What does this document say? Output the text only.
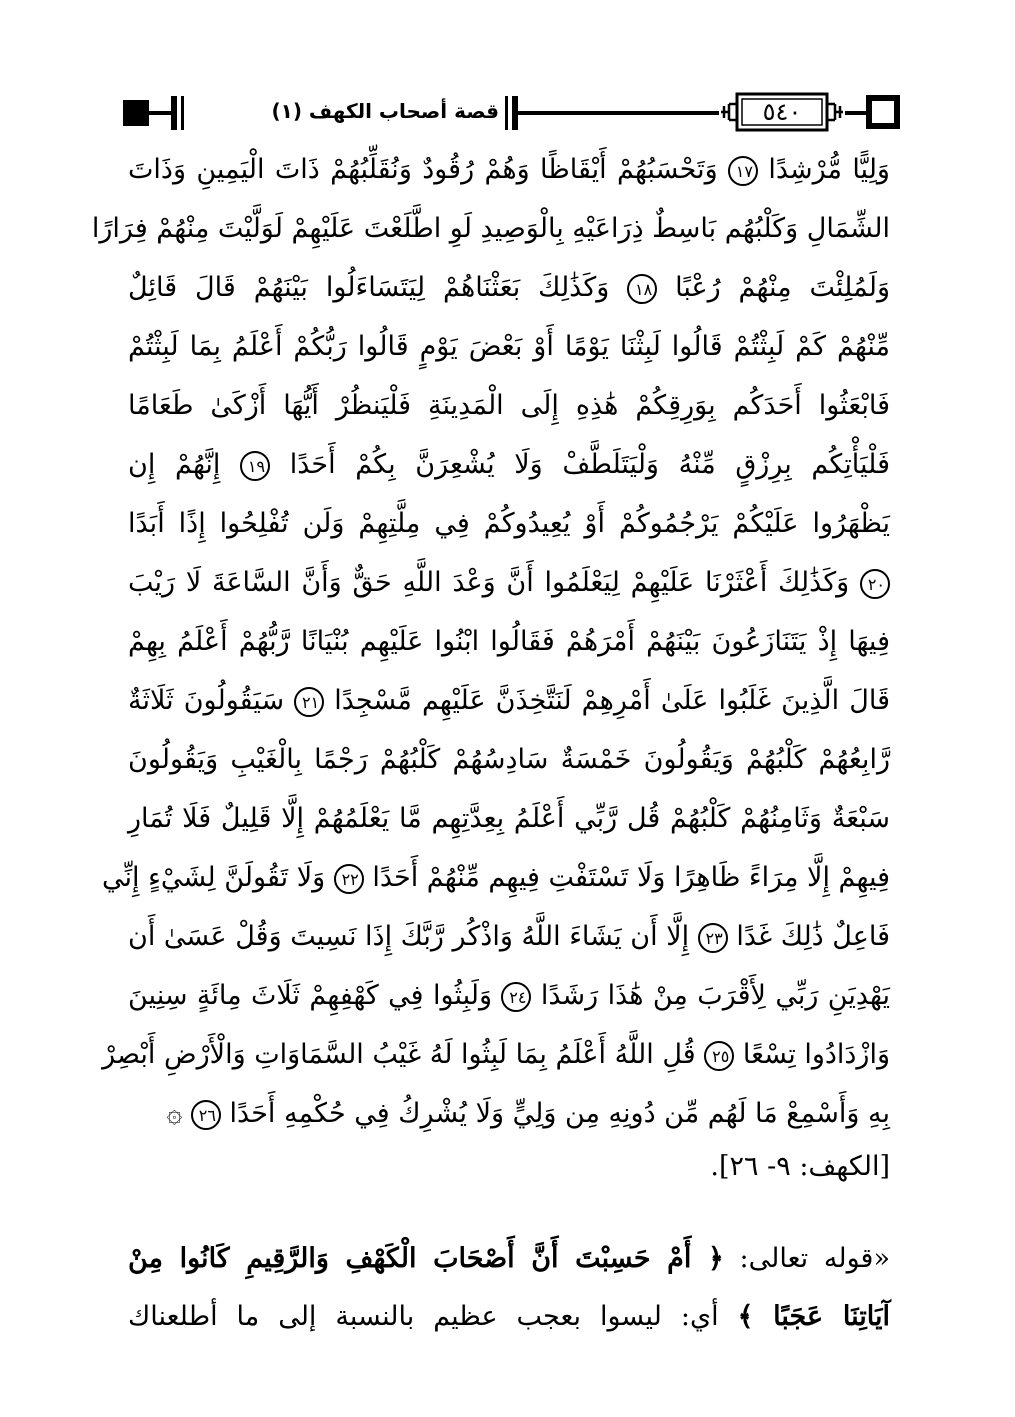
قصة أصحاب الكهف (١)	٥٤٠
وَلِيًّا مُّرْشِدًا ١٧ وَتَحْسَبُهُمْ أَيْقَاظًا وَهُمْ رُقُودٌ وَنُقَلِّبُهُمْ ذَاتَ الْيَمِينِ وَذَاتَ
الشِّمَالِ وَكَلْبُهُم بَاسِطٌ ذِرَاعَيْهِ بِالْوَصِيدِ لَوِ اطَّلَعْتَ عَلَيْهِمْ لَوَلَّيْتَ مِنْهُمْ فِرَارًا
وَلَمُلِئْتَ مِنْهُمْ رُعْبًا ١٨ وَكَذَٰلِكَ بَعَثْنَاهُمْ لِيَتَسَاءَلُوا بَيْنَهُمْ قَالَ قَائِلٌ
مِّنْهُمْ كَمْ لَبِثْتُمْ قَالُوا لَبِثْنَا يَوْمًا أَوْ بَعْضَ يَوْمٍ قَالُوا رَبُّكُمْ أَعْلَمُ بِمَا لَبِثْتُمْ
فَابْعَثُوا أَحَدَكُم بِوَرِقِكُمْ هَٰذِهِ إِلَى الْمَدِينَةِ فَلْيَنظُرْ أَيُّهَا أَزْكَىٰ طَعَامًا
فَلْيَأْتِكُم بِرِزْقٍ مِّنْهُ وَلْيَتَلَطَّفْ وَلَا يُشْعِرَنَّ بِكُمْ أَحَدًا ١٩ إِنَّهُمْ إِن
يَظْهَرُوا عَلَيْكُمْ يَرْجُمُوكُمْ أَوْ يُعِيدُوكُمْ فِي مِلَّتِهِمْ وَلَن تُفْلِحُوا إِذًا أَبَدًا
٢٠ وَكَذَٰلِكَ أَعْثَرْنَا عَلَيْهِمْ لِيَعْلَمُوا أَنَّ وَعْدَ اللَّهِ حَقٌّ وَأَنَّ السَّاعَةَ لَا رَيْبَ
فِيهَا إِذْ يَتَنَازَعُونَ بَيْنَهُمْ أَمْرَهُمْ فَقَالُوا ابْنُوا عَلَيْهِم بُنْيَانًا رَّبُّهُمْ أَعْلَمُ بِهِمْ
قَالَ الَّذِينَ غَلَبُوا عَلَىٰ أَمْرِهِمْ لَنَتَّخِذَنَّ عَلَيْهِم مَّسْجِدًا ٢١ سَيَقُولُونَ ثَلَاثَةٌ
رَّابِعُهُمْ كَلْبُهُمْ وَيَقُولُونَ خَمْسَةٌ سَادِسُهُمْ كَلْبُهُمْ رَجْمًا بِالْغَيْبِ وَيَقُولُونَ
سَبْعَةٌ وَثَامِنُهُمْ كَلْبُهُمْ قُل رَّبِّي أَعْلَمُ بِعِدَّتِهِم مَّا يَعْلَمُهُمْ إِلَّا قَلِيلٌ فَلَا تُمَارِ
فِيهِمْ إِلَّا مِرَاءً ظَاهِرًا وَلَا تَسْتَفْتِ فِيهِم مِّنْهُمْ أَحَدًا ٢٢ وَلَا تَقُولَنَّ لِشَيْءٍ إِنِّي
فَاعِلٌ ذَٰلِكَ غَدًا ٢٣ إِلَّا أَن يَشَاءَ اللَّهُ وَاذْكُر رَّبَّكَ إِذَا نَسِيتَ وَقُلْ عَسَىٰ أَن
يَهْدِيَنِ رَبِّي لِأَقْرَبَ مِنْ هَٰذَا رَشَدًا ٢٤ وَلَبِثُوا فِي كَهْفِهِمْ ثَلَاثَ مِائَةٍ سِنِينَ
وَازْدَادُوا تِسْعًا ٢٥ قُلِ اللَّهُ أَعْلَمُ بِمَا لَبِثُوا لَهُ غَيْبُ السَّمَاوَاتِ وَالْأَرْضِ أَبْصِرْ
بِهِ وَأَسْمِعْ مَا لَهُم مِّن دُونِهِ مِن وَلِيٍّ وَلَا يُشْرِكُ فِي حُكْمِهِ أَحَدًا ٢٦ ۞
[الكهف: ٩- ٢٦].
«قوله تعالى: ﴿ أَمْ حَسِبْتَ أَنَّ أَصْحَابَ الْكَهْفِ وَالرَّقِيمِ كَانُوا مِنْ
آيَاتِنَا عَجَبًا ﴾ أي: ليسوا بعجب عظيم بالنسبة إلى ما أطلعناك
